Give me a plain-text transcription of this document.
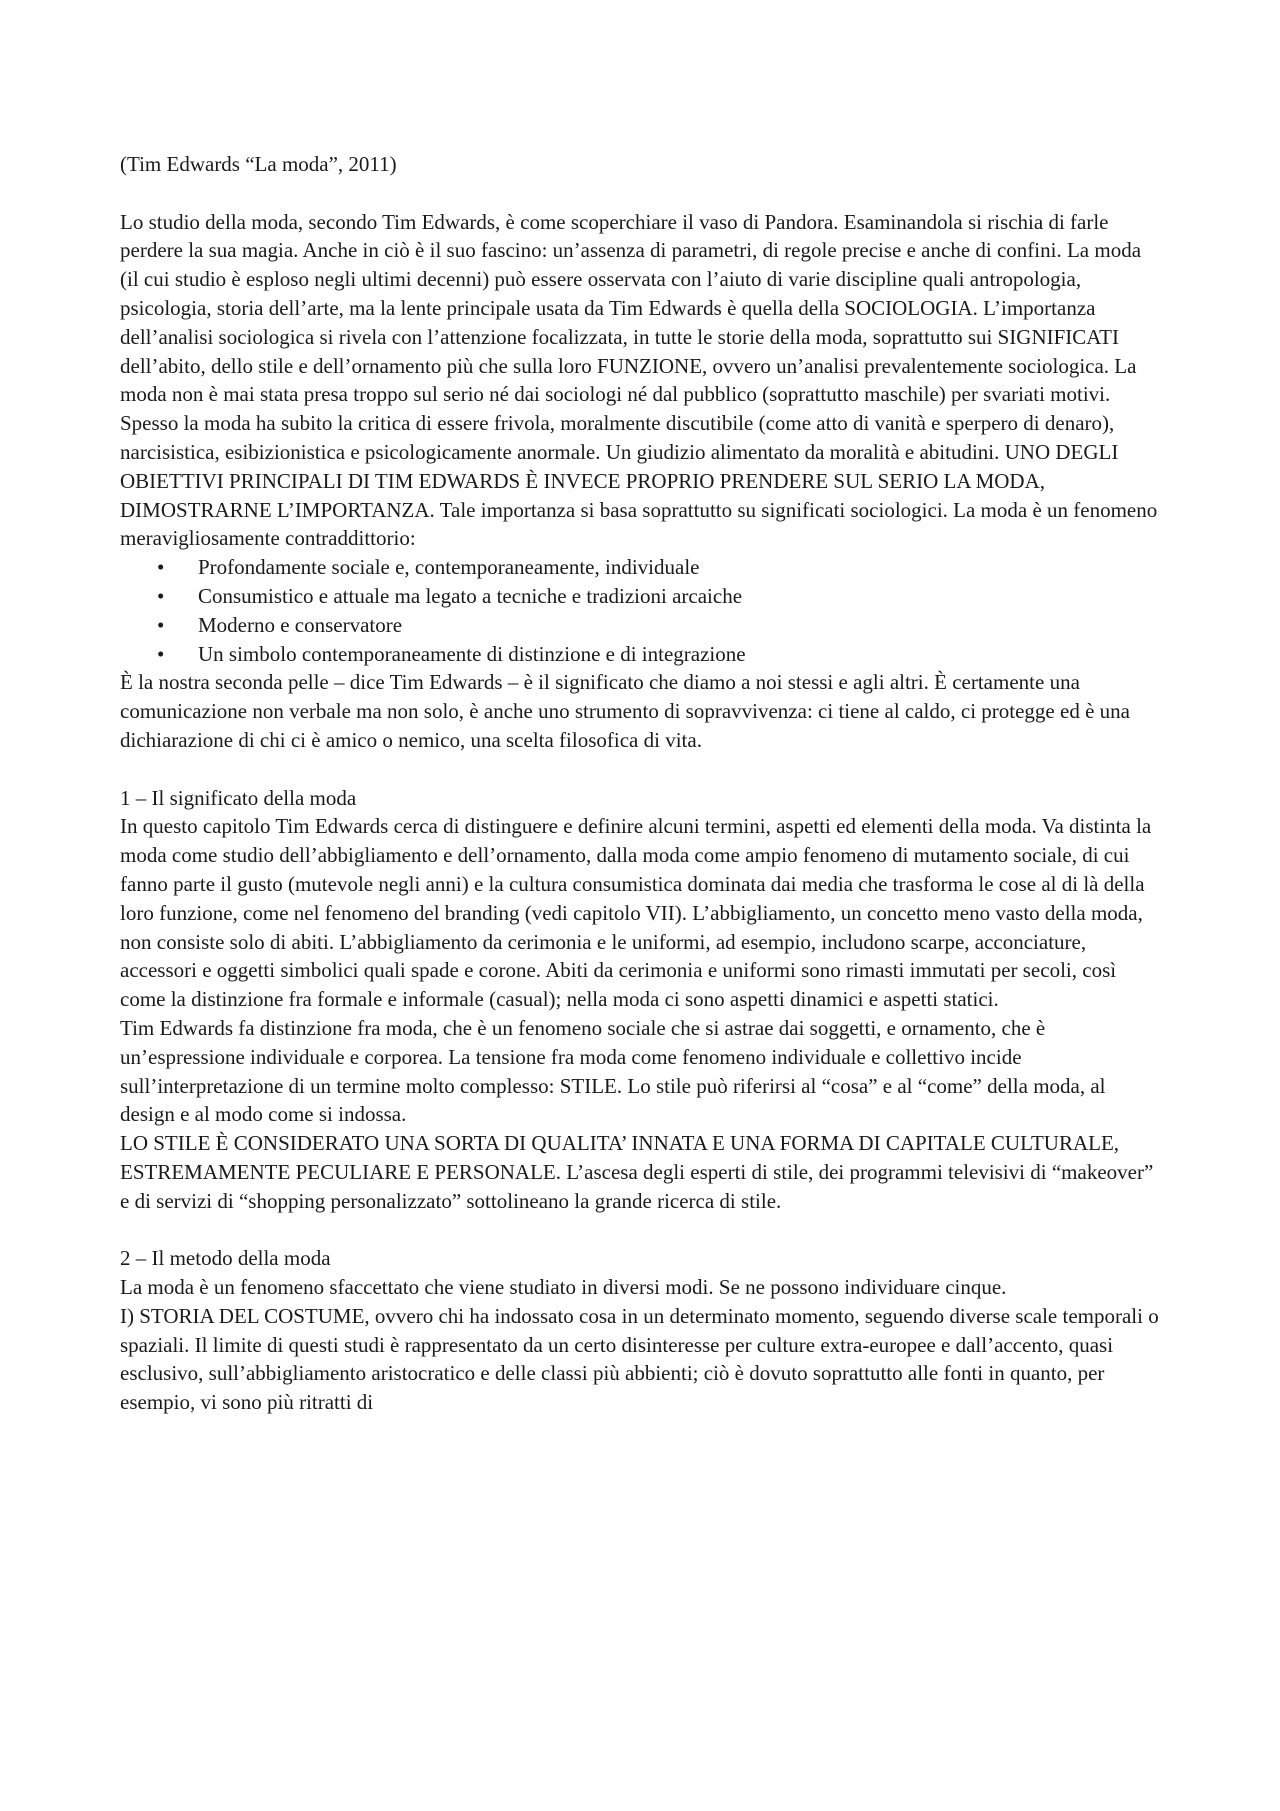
(Tim Edwards “La moda”, 2011)

Lo studio della moda, secondo Tim Edwards, è come scoperchiare il vaso di Pandora. Esaminandola si rischia di farle perdere la sua magia. Anche in ciò è il suo fascino: un’assenza di parametri, di regole precise e anche di confini. La moda (il cui studio è esploso negli ultimi decenni) può essere osservata con l’aiuto di varie discipline quali antropologia, psicologia, storia dell’arte, ma la lente principale usata da Tim Edwards è quella della SOCIOLOGIA. L’importanza dell’analisi sociologica si rivela con l’attenzione focalizzata, in tutte le storie della moda, soprattutto sui SIGNIFICATI dell’abito, dello stile e dell’ornamento più che sulla loro FUNZIONE, ovvero un’analisi prevalentemente sociologica. La moda non è mai stata presa troppo sul serio né dai sociologi né dal pubblico (soprattutto maschile) per svariati motivi. Spesso la moda ha subito la critica di essere frivola, moralmente discutibile (come atto di vanità e sperpero di denaro), narcisistica, esibizionistica e psicologicamente anormale. Un giudizio alimentato da moralità e abitudini. UNO DEGLI OBIETTIVI PRINCIPALI DI TIM EDWARDS È INVECE PROPRIO PRENDERE SUL SERIO LA MODA, DIMOSTRARNE L’IMPORTANZA. Tale importanza si basa soprattutto su significati sociologici. La moda è un fenomeno meravigliosamente contraddittorio:

• Profondamente sociale e, contemporaneamente, individuale
• Consumistico e attuale ma legato a tecniche e tradizioni arcaiche
• Moderno e conservatore
• Un simbolo contemporaneamente di distinzione e di integrazione

È la nostra seconda pelle – dice Tim Edwards – è il significato che diamo a noi stessi e agli altri. È certamente una comunicazione non verbale ma non solo, è anche uno strumento di sopravvivenza: ci tiene al caldo, ci protegge ed è una dichiarazione di chi ci è amico o nemico, una scelta filosofica di vita.

1 – Il significato della moda

In questo capitolo Tim Edwards cerca di distinguere e definire alcuni termini, aspetti ed elementi della moda. Va distinta la moda come studio dell’abbigliamento e dell’ornamento, dalla moda come ampio fenomeno di mutamento sociale, di cui fanno parte il gusto (mutevole negli anni) e la cultura consumistica dominata dai media che trasforma le cose al di là della loro funzione, come nel fenomeno del branding (vedi capitolo VII). L’abbigliamento, un concetto meno vasto della moda, non consiste solo di abiti. L’abbigliamento da cerimonia e le uniformi, ad esempio, includono scarpe, acconciature, accessori e oggetti simbolici quali spade e corone. Abiti da cerimonia e uniformi sono rimasti immutati per secoli, così come la distinzione fra formale e informale (casual); nella moda ci sono aspetti dinamici e aspetti statici.

Tim Edwards fa distinzione fra moda, che è un fenomeno sociale che si astrae dai soggetti, e ornamento, che è un’espressione individuale e corporea. La tensione fra moda come fenomeno individuale e collettivo incide sull’interpretazione di un termine molto complesso: STILE. Lo stile può riferirsi al “cosa” e al “come” della moda, al design e al modo come si indossa.

LO STILE È CONSIDERATO UNA SORTA DI QUALITA’ INNATA E UNA FORMA DI CAPITALE CULTURALE, ESTREMAMENTE PECULIARE E PERSONALE. L’ascesa degli esperti di stile, dei programmi televisivi di “makeover” e di servizi di “shopping personalizzato” sottolineano la grande ricerca di stile.

2 – Il metodo della moda

La moda è un fenomeno sfaccettato che viene studiato in diversi modi. Se ne possono individuare cinque.

I) STORIA DEL COSTUME, ovvero chi ha indossato cosa in un determinato momento, seguendo diverse scale temporali o spaziali. Il limite di questi studi è rappresentato da un certo disinteresse per culture extra-europee e dall’accento, quasi esclusivo, sull’abbigliamento aristocratico e delle classi più abbienti; ciò è dovuto soprattutto alle fonti in quanto, per esempio, vi sono più ritratti di
